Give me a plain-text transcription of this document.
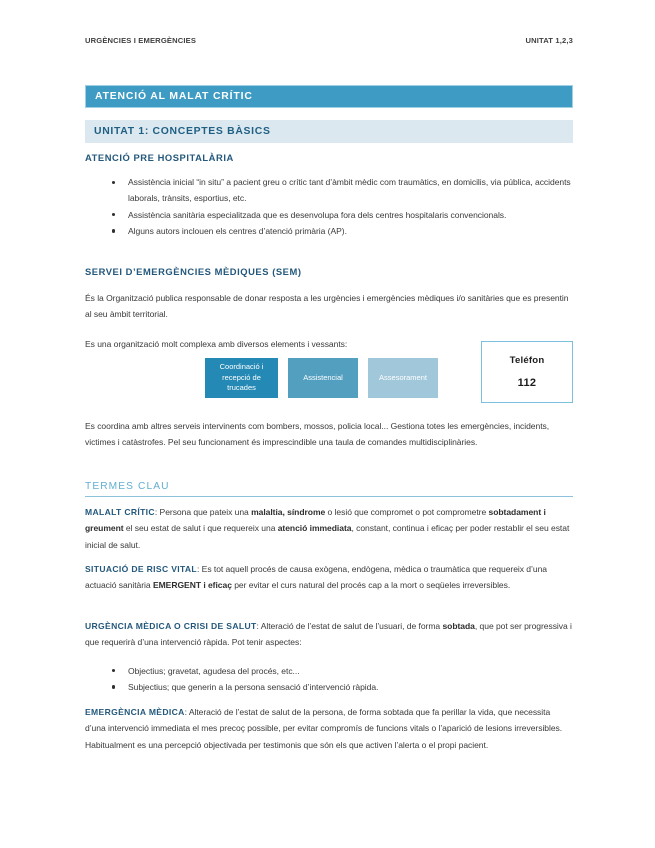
URGÈNCIES I EMERGÈNCIES	UNITAT 1,2,3
ATENCIÓ AL MALAT CRÍTIC
UNITAT 1: CONCEPTES BÀSICS
ATENCIÓ PRE HOSPITALÀRIA
Assistència inicial “in situ” a pacient greu o crític tant d’àmbit mèdic com traumàtics, en domicilis, via pública, accidents laborals, trànsits, esportius, etc.
Assistència sanitària especialitzada que es desenvolupa fora dels centres hospitalaris convencionals.
Alguns autors inclouen els centres d’atenció primària (AP).
SERVEI D’EMERGÈNCIES MÈDIQUES (SEM)

És la Organització publica responsable de donar resposta a les urgències i emergències mèdiques i/o sanitàries que es presentin al seu àmbit territorial.

Es una organització molt complexa amb diversos elements i vessants:

Coordinació i recepció de trucades
Assistencial	Assesorament
Teléfon
112

Es coordina amb altres serveis intervinents com bombers, mossos, policia local... Gestiona totes les emergències, incidents, victimes i catàstrofes. Pel seu funcionament és imprescindible una taula de comandes multidisciplinàries.

TERMES CLAU

MALALT CRÍTIC: Persona que pateix una malaltia, síndrome o lesió que compromet o pot comprometre sobtadament i greument el seu estat de salut i que requereix una atenció immediata, constant, continua i eficaç per poder restablir el seu estat inicial de salut.

SITUACIÓ DE RISC VITAL: Es tot aquell procés de causa exògena, endògena, mèdica o traumàtica que requereix d’una actuació sanitària EMERGENT i eficaç per evitar el curs natural del procés cap a la mort o seqüeles irreversibles.

URGÈNCIA MÈDICA O CRISI DE SALUT: Alteració de l’estat de salut de l’usuari, de forma sobtada, que pot ser progressiva i que requerirà d’una intervenció ràpida. Pot tenir aspectes:

Objectius; gravetat, agudesa del procés, etc...
Subjectius; que generin a la persona sensació d’intervenció ràpida.

EMERGÈNCIA MÈDICA: Alteració de l’estat de salut de la persona, de forma sobtada que fa perillar la vida, que necessita d’una intervenció immediata el mes precoç possible, per evitar compromís de funcions vitals o l’aparició de lesions irreversibles. Habitualment es una percepció objectivada per testimonis que són els que activen l’alerta o el propi pacient.
